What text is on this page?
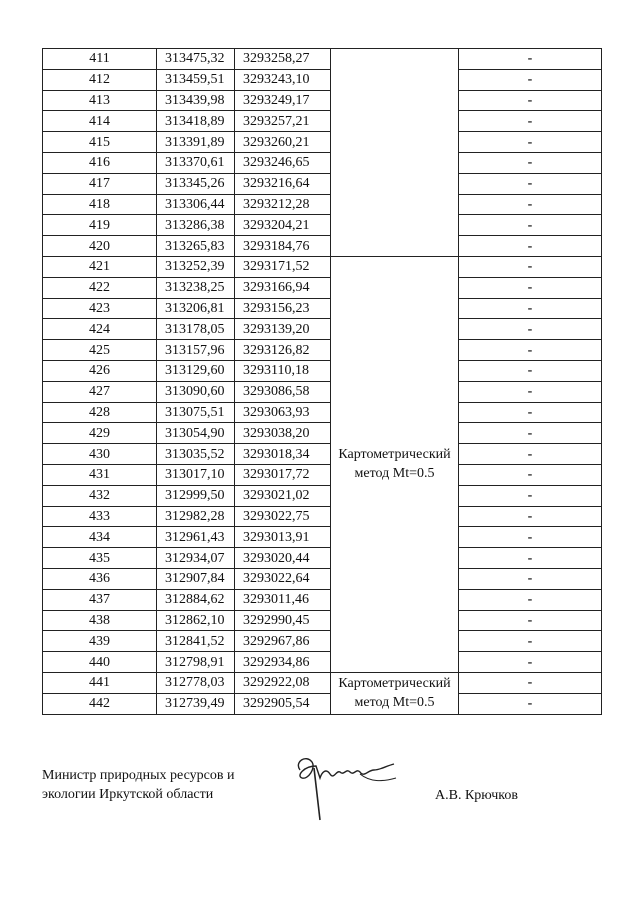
411	313475,32	3293258,27		-
412	313459,51	3293243,10		-
413	313439,98	3293249,17		-
414	313418,89	3293257,21		-
415	313391,89	3293260,21		-
416	313370,61	3293246,65		-
417	313345,26	3293216,64		-
418	313306,44	3293212,28		-
419	313286,38	3293204,21		-
420	313265,83	3293184,76		-
421	313252,39	3293171,52	Картометрический метод Mt=0.5	-
422	313238,25	3293166,94		-
423	313206,81	3293156,23		-
424	313178,05	3293139,20		-
425	313157,96	3293126,82		-
426	313129,60	3293110,18		-
427	313090,60	3293086,58		-
428	313075,51	3293063,93		-
429	313054,90	3293038,20		-
430	313035,52	3293018,34		-
431	313017,10	3293017,72		-
432	312999,50	3293021,02		-
433	312982,28	3293022,75		-
434	312961,43	3293013,91		-
435	312934,07	3293020,44		-
436	312907,84	3293022,64		-
437	312884,62	3293011,46		-
438	312862,10	3292990,45		-
439	312841,52	3292967,86		-
440	312798,91	3292934,86		-
441	312778,03	3292922,08	Картометрический метод Mt=0.5	-
442	312739,49	3292905,54		-
Министр природных ресурсов и
экологии Иркутской области	А.В. Крючков
